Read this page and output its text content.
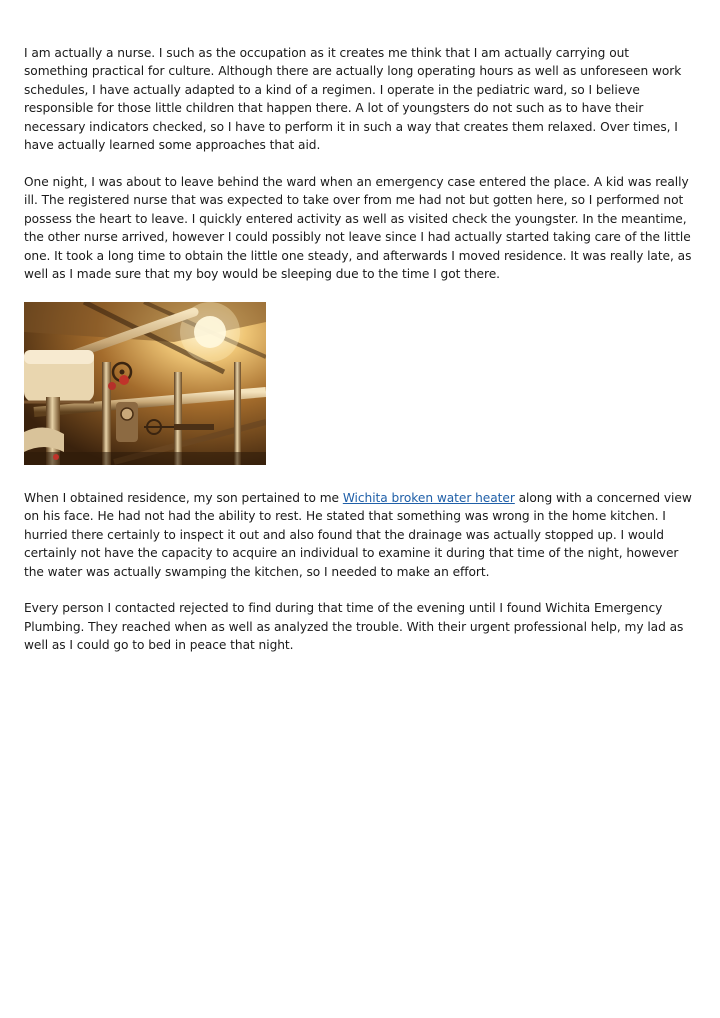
I am actually a nurse. I such as the occupation as it creates me think that I am actually carrying out something practical for culture. Although there are actually long operating hours as well as unforeseen work schedules, I have actually adapted to a kind of a regimen. I operate in the pediatric ward, so I believe responsible for those little children that happen there. A lot of youngsters do not such as to have their necessary indicators checked, so I have to perform it in such a way that creates them relaxed. Over times, I have actually learned some approaches that aid.

One night, I was about to leave behind the ward when an emergency case entered the place. A kid was really ill. The registered nurse that was expected to take over from me had not but gotten here, so I performed not possess the heart to leave. I quickly entered activity as well as visited check the youngster. In the meantime, the other nurse arrived, however I could possibly not leave since I had actually started taking care of the little one. It took a long time to obtain the little one steady, and afterwards I moved residence. It was really late, as well as I made sure that my boy would be sleeping due to the time I got there.

When I obtained residence, my son pertained to me Wichita broken water heater along with a concerned view on his face. He had not had the ability to rest. He stated that something was wrong in the home kitchen. I hurried there certainly to inspect it out and also found that the drainage was actually stopped up. I would certainly not have the capacity to acquire an individual to examine it during that time of the night, however the water was actually swamping the kitchen, so I needed to make an effort.

Every person I contacted rejected to find during that time of the evening until I found Wichita Emergency Plumbing. They reached when as well as analyzed the trouble. With their urgent professional help, my lad as well as I could go to bed in peace that night.
